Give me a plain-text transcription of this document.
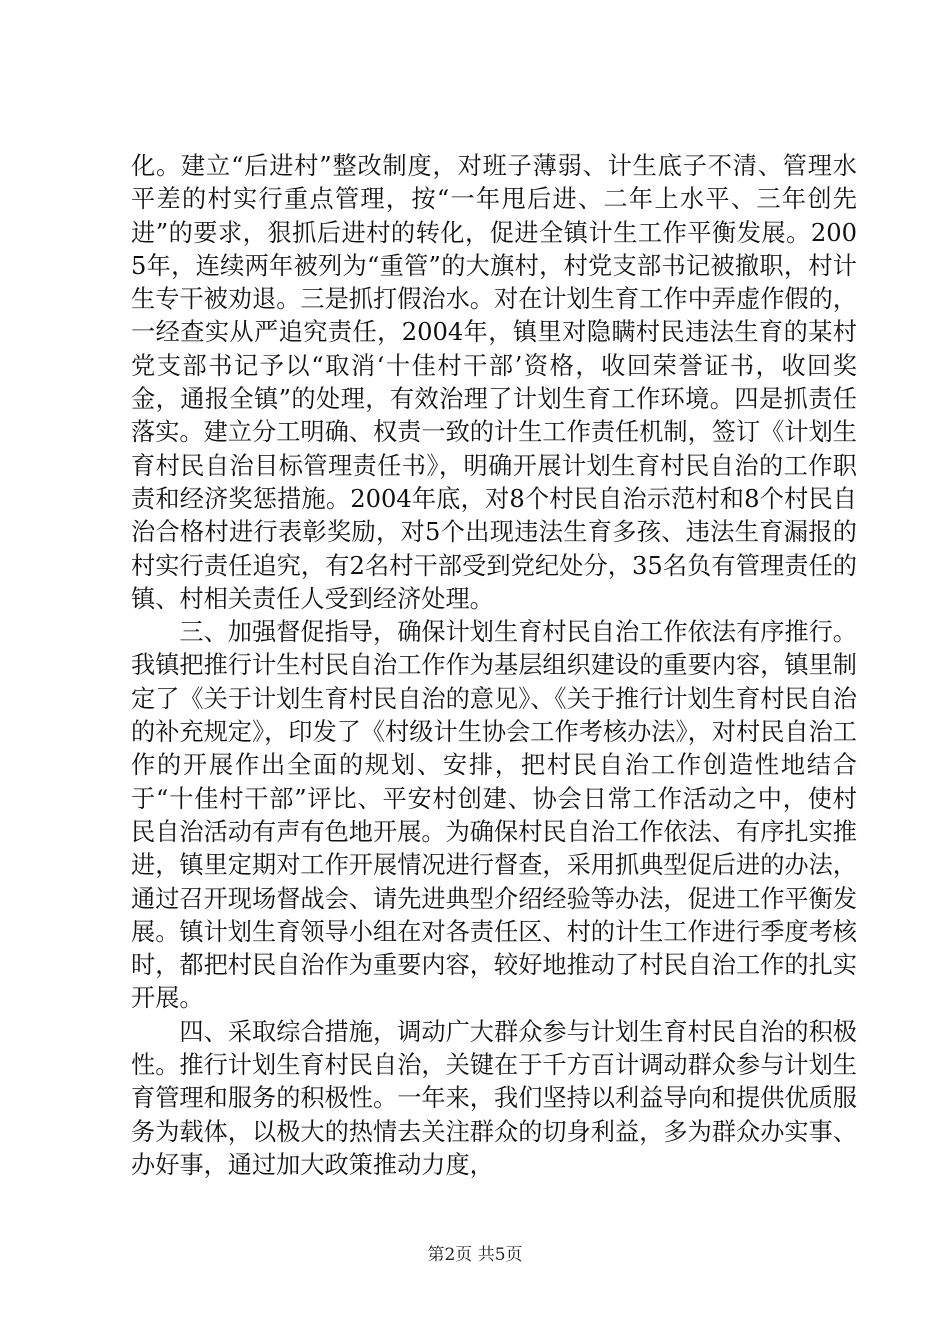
化。建立“后进村”整改制度，对班子薄弱、计生底子不清、管理水平差的村实行重点管理，按“一年甩后进、二年上水平、三年创先进”的要求，狠抓后进村的转化，促进全镇计生工作平衡发展。2005年，连续两年被列为“重管”的大旗村，村党支部书记被撤职，村计生专干被劝退。三是抓打假治水。对在计划生育工作中弄虚作假的，一经查实从严追究责任，2004年，镇里对隐瞒村民违法生育的某村党支部书记予以“取消‘十佳村干部’资格，收回荣誉证书，收回奖金，通报全镇”的处理，有效治理了计划生育工作环境。四是抓责任落实。建立分工明确、权责一致的计生工作责任机制，签订《计划生育村民自治目标管理责任书》，明确开展计划生育村民自治的工作职责和经济奖惩措施。2004年底，对8个村民自治示范村和8个村民自治合格村进行表彰奖励，对5个出现违法生育多孩、违法生育漏报的村实行责任追究，有2名村干部受到党纪处分，35名负有管理责任的镇、村相关责任人受到经济处理。

三、加强督促指导，确保计划生育村民自治工作依法有序推行。我镇把推行计生村民自治工作作为基层组织建设的重要内容，镇里制定了《关于计划生育村民自治的意见》、《关于推行计划生育村民自治的补充规定》，印发了《村级计生协会工作考核办法》，对村民自治工作的开展作出全面的规划、安排，把村民自治工作创造性地结合于“十佳村干部”评比、平安村创建、协会日常工作活动之中，使村民自治活动有声有色地开展。为确保村民自治工作依法、有序扎实推进，镇里定期对工作开展情况进行督查，采用抓典型促后进的办法，通过召开现场督战会、请先进典型介绍经验等办法，促进工作平衡发展。镇计划生育领导小组在对各责任区、村的计生工作进行季度考核时，都把村民自治作为重要内容，较好地推动了村民自治工作的扎实开展。

四、采取综合措施，调动广大群众参与计划生育村民自治的积极性。推行计划生育村民自治，关键在于千方百计调动群众参与计划生育管理和服务的积极性。一年来，我们坚持以利益导向和提供优质服务为载体，以极大的热情去关注群众的切身利益，多为群众办实事、办好事，通过加大政策推动力度，

第2页 共5页
